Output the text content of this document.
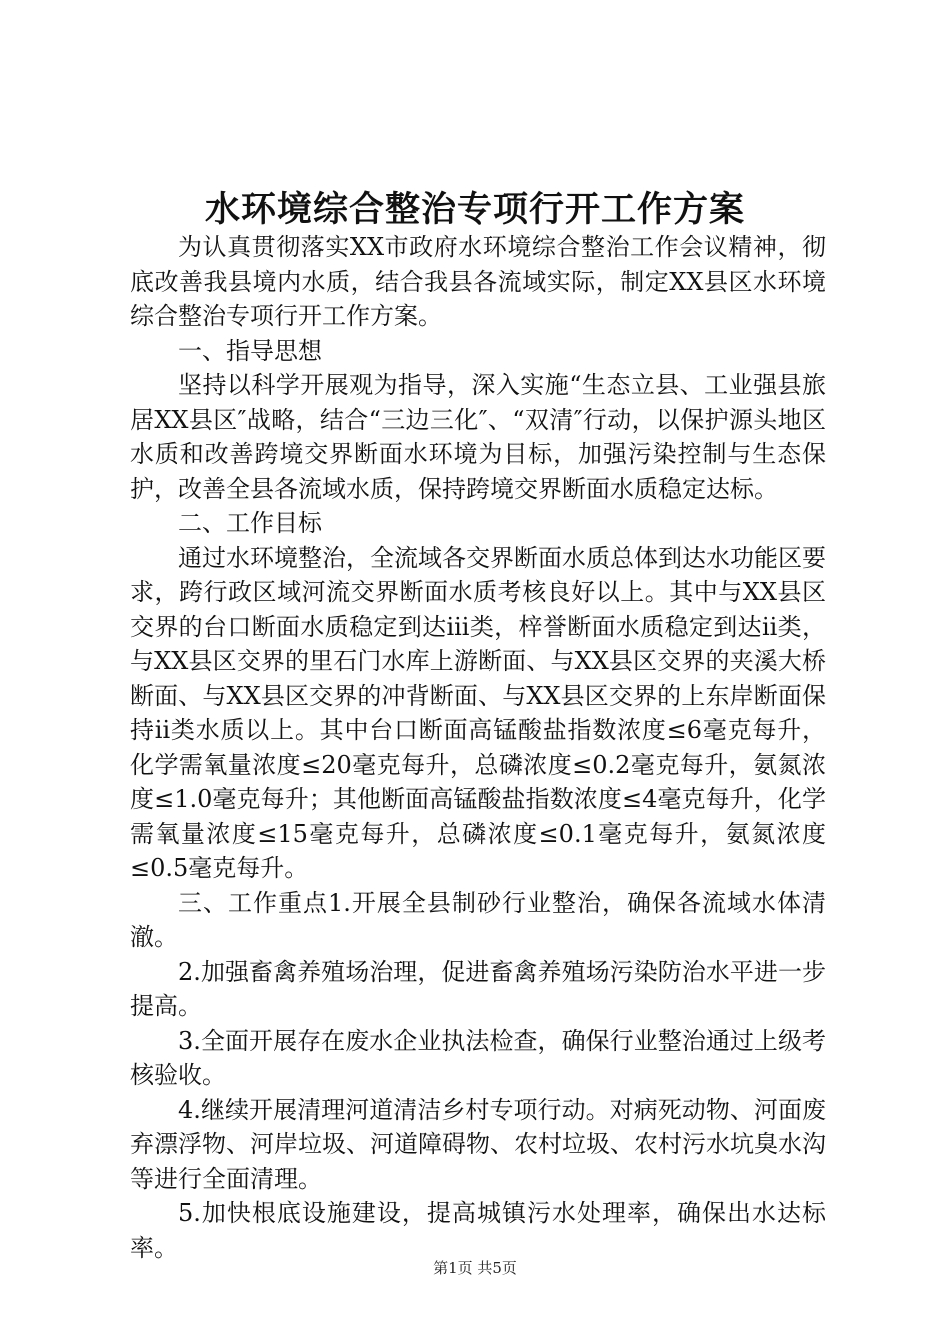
水环境综合整治专项行开工作方案

为认真贯彻落实XX市政府水环境综合整治工作会议精神，彻底改善我县境内水质，结合我县各流域实际，制定XX县区水环境综合整治专项行开工作方案。

一、指导思想

坚持以科学开展观为指导，深入实施“生态立县、工业强县旅居XX县区″战略，结合“三边三化″、“双清″行动，以保护源头地区水质和改善跨境交界断面水环境为目标，加强污染控制与生态保护，改善全县各流域水质，保持跨境交界断面水质稳定达标。

二、工作目标

通过水环境整治，全流域各交界断面水质总体到达水功能区要求，跨行政区域河流交界断面水质考核良好以上。其中与XX县区交界的台口断面水质稳定到达iii类，梓誉断面水质稳定到达ii类，与XX县区交界的里石门水库上游断面、与XX县区交界的夹溪大桥断面、与XX县区交界的冲背断面、与XX县区交界的上东岸断面保持ii类水质以上。其中台口断面高锰酸盐指数浓度≤6毫克每升，化学需氧量浓度≤20毫克每升，总磷浓度≤0.2毫克每升，氨氮浓度≤1.0毫克每升；其他断面高锰酸盐指数浓度≤4毫克每升，化学需氧量浓度≤15毫克每升，总磷浓度≤0.1毫克每升，氨氮浓度≤0.5毫克每升。

三、工作重点1.开展全县制砂行业整治，确保各流域水体清澈。

2.加强畜禽养殖场治理，促进畜禽养殖场污染防治水平进一步提高。

3.全面开展存在废水企业执法检查，确保行业整治通过上级考核验收。

4.继续开展清理河道清洁乡村专项行动。对病死动物、河面废弃漂浮物、河岸垃圾、河道障碍物、农村垃圾、农村污水坑臭水沟等进行全面清理。

5.加快根底设施建设，提高城镇污水处理率，确保出水达标率。

第1页 共5页
